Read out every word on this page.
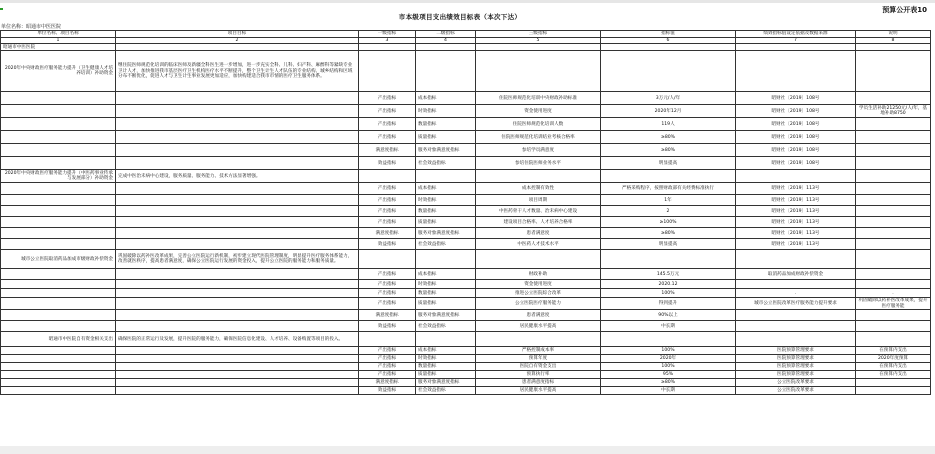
预算公开表10
市本级项目支出绩效目标表（本次下达）
单位名称：昭通市中医医院
单位名称、项目名称	项目目标	一级指标	二级指标	三级指标	指标值	绩效指标值设定依据及数据来源	说明
1	2	3	4	5	6	7	8
昭通市中医医院							
2020年中央财政医疗服务能力提升（卫生健康人才培养培训）补助资金	继住院医师规范化培训的临床医师及新疆全科医生进一步增加，进一步充实全科、儿科、妇产科、麻醉科等紧缺专业卫计人才，加快推进我市基层医疗卫生机构医疗水平不断提升，整个卫生计生人才队伍的专业结构、城乡结构和区域分布不断优化，促进人才与卫生计生事业发展更加适应，加快构建适合我市市情的医疗卫生服务体系。						
		产出指标	成本指标	住院医师规范化培训中央财政补助标准	3万元/人/年	昭财社〔2019〕108号	
		产出指标	时效指标	资金使用进度	2020年12月	昭财社〔2019〕108号	学员生活补助21250元/人/年，基地补助8750
		产出指标	数量指标	住院医师规范化培训人数	119人	昭财社〔2019〕108号	
		产出指标	质量指标	住院医师规范化培训结业考核合格率	≥80%	昭财社〔2019〕108号	
		满意度指标	服务对象满意度指标	参培学员满意度	≥80%	昭财社〔2019〕108号	
		效益指标	社会效益指标	参培住院医师业务水平	明显提高	昭财社〔2019〕108号	
2020年中央财政医疗服务能力提升（中医药事业传承与发展部分）补助资金	完成中医治未病中心建设，服务质量、服务能力、技术方法显著增强。						
		产出指标	成本指标	成本控制有效性	严格采购程序，按照财政部有关经费标准执行	昭财社〔2019〕113号	
		产出指标	时效指标	项目周期	1年	昭财社〔2019〕113号	
		产出指标	数量指标	中医药骨干人才数量、治未病中心建设	2	昭财社〔2019〕113号	
		产出指标	质量指标	建设项目合格率、人才培养合格率	≥100%	昭财社〔2019〕113号	
		满意度指标	服务对象满意度指标	患者满意度	≥80%	昭财社〔2019〕113号	
		效益指标	社会效益指标	中医药人才技术水平	明显提高	昭财社〔2019〕113号	
城市公立医院取消药品加成市级财政补偿资金	巩固破除以药补医改革成果，完善公立医院运行新机制，初步建立现代医院管理制度，明显提升医疗服务体系能力，改善就医秩序，提高患者满意度，确保公立医院运行发展的资金投入，提升公立医院的服务能力和服务质量。						
		产出指标	成本指标	财政补助	145.5万元	取消药品加成财政补偿资金	
		产出指标	时效指标	资金使用进度	2020.12		
		产出指标	数量指标	推进公立医院综合改革	100%	.	.
		产出指标	质量指标	公立医院医疗服务能力	得到提升	城市公立医院改革医疗服务能力提升要求	巩固破除以药补医改革成果，提升医疗服务能
		满意度指标	服务对象满意度指标	患者满意度	90%以上		
		效益指标	社会效益指标	居民健康水平提高	中长期		
昭通市中医院自有资金相关支出	确保医院的正常运行及发展，提升医院的服务能力，确保医院信息化建设、人才培养、设备购置等项目的投入。						
		产出指标	成本指标	严格控制成本率	100%	医院预算管理要求	在预算内支出
		产出指标	时效指标	预算年度	2020年	医院预算管理要求	2020年度预算
		产出指标	数量指标	医院自有资金支出	100%	医院预算管理要求	在预算内支出
		产出指标	质量指标	预算执行率	95%	医院预算管理要求	在预算内支出
		满意度指标	服务对象满意度指标	患者满意度指标	≥80%	公立医院改革要求	
		效益指标	社会效益指标	居民健康水平提高	中长期	公立医院改革要求	
